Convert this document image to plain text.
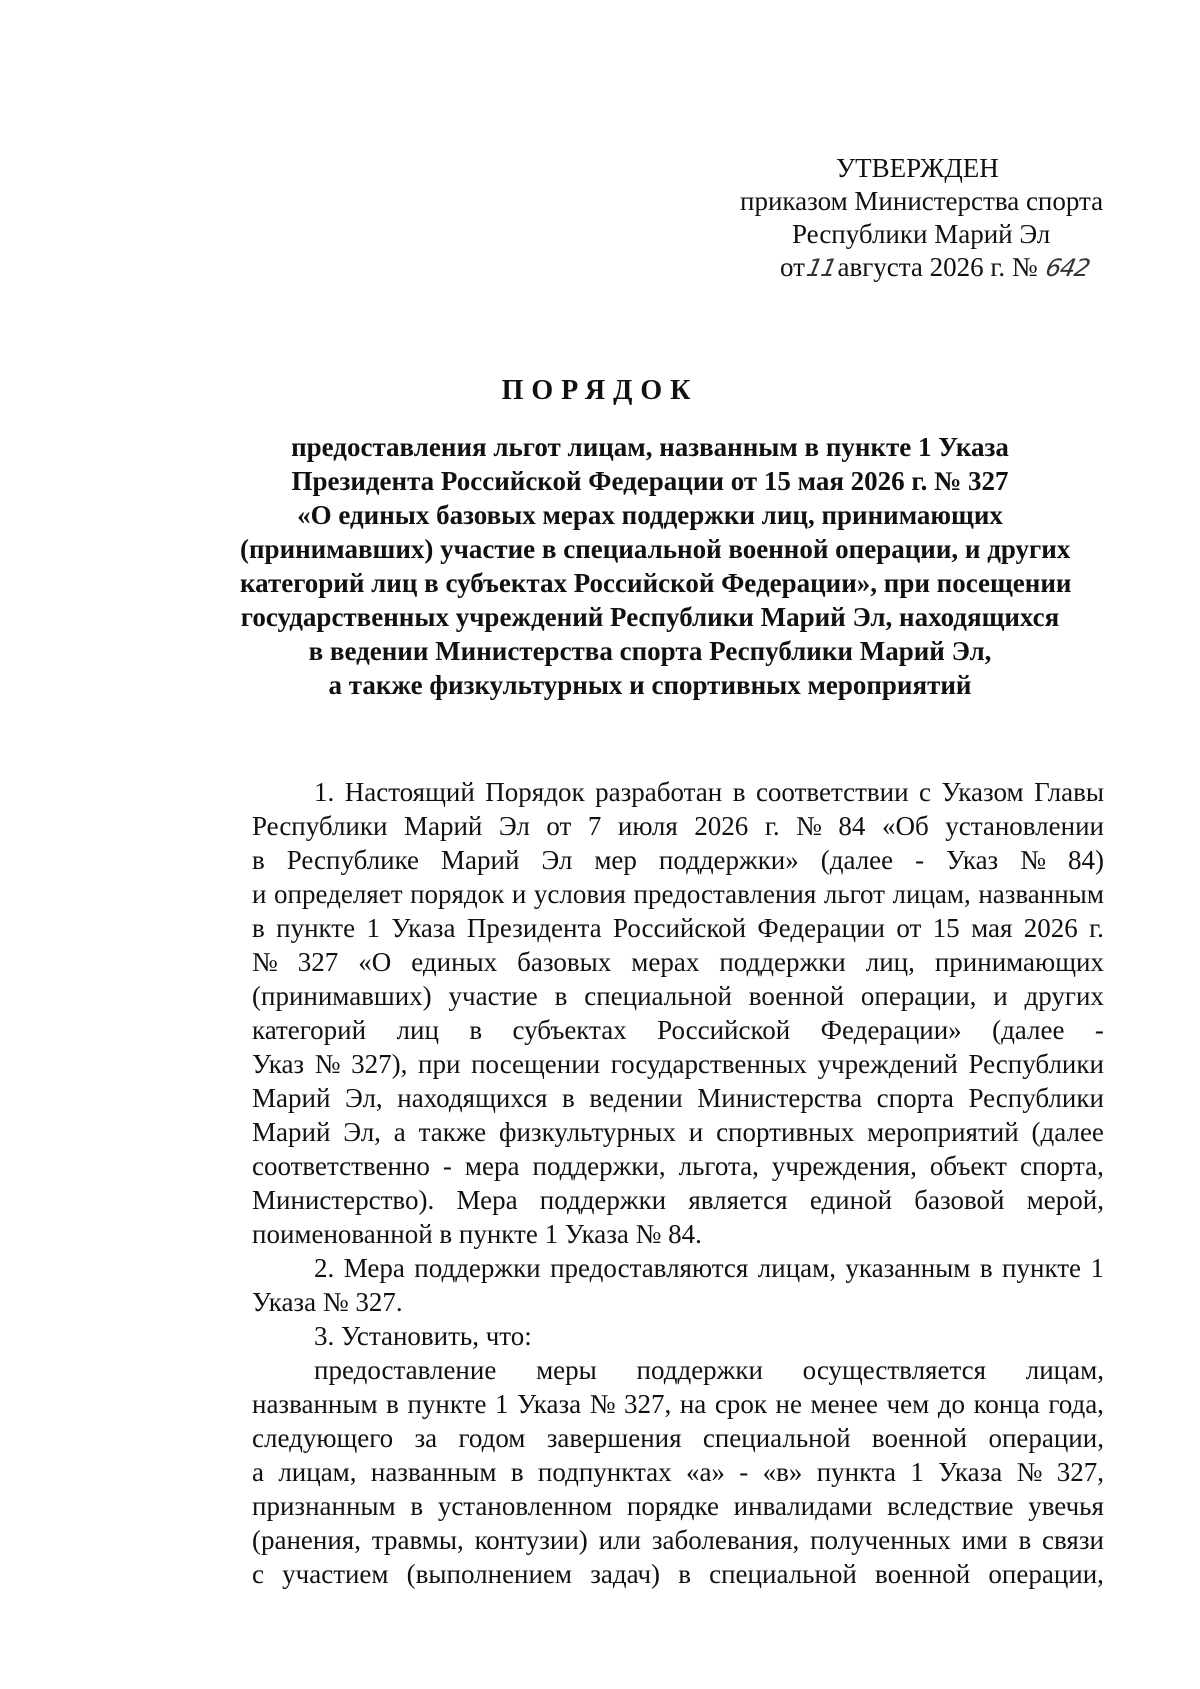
УТВЕРЖДЕН
приказом Министерства спорта
Республики Марий Эл
от11августа 2026 г. № 642
ПОРЯДОК
предоставления льгот лицам, названным в пункте 1 Указа
Президента Российской Федерации от 15 мая 2026 г. № 327
«О единых базовых мерах поддержки лиц, принимающих
(принимавших) участие в специальной военной операции, и других
категорий лиц в субъектах Российской Федерации», при посещении
государственных учреждений Республики Марий Эл, находящихся
в ведении Министерства спорта Республики Марий Эл,
а также физкультурных и спортивных мероприятий
1. Настоящий Порядок разработан в соответствии с Указом Главы
Республики Марий Эл от 7 июля 2026 г. № 84 «Об установлении
в Республике Марий Эл мер поддержки» (далее - Указ № 84)
и определяет порядок и условия предоставления льгот лицам, названным
в пункте 1 Указа Президента Российской Федерации от 15 мая 2026 г.
№ 327 «О единых базовых мерах поддержки лиц, принимающих
(принимавших) участие в специальной военной операции, и других
категорий лиц в субъектах Российской Федерации» (далее -
Указ № 327), при посещении государственных учреждений Республики
Марий Эл, находящихся в ведении Министерства спорта Республики
Марий Эл, а также физкультурных и спортивных мероприятий (далее
соответственно - мера поддержки, льгота, учреждения, объект спорта,
Министерство). Мера поддержки является единой базовой мерой,
поименованной в пункте 1 Указа № 84.
2. Мера поддержки предоставляются лицам, указанным в пункте 1
Указа № 327.
3. Установить, что:
предоставление меры поддержки осуществляется лицам,
названным в пункте 1 Указа № 327, на срок не менее чем до конца года,
следующего за годом завершения специальной военной операции,
а лицам, названным в подпунктах «а» - «в» пункта 1 Указа № 327,
признанным в установленном порядке инвалидами вследствие увечья
(ранения, травмы, контузии) или заболевания, полученных ими в связи
с участием (выполнением задач) в специальной военной операции,
